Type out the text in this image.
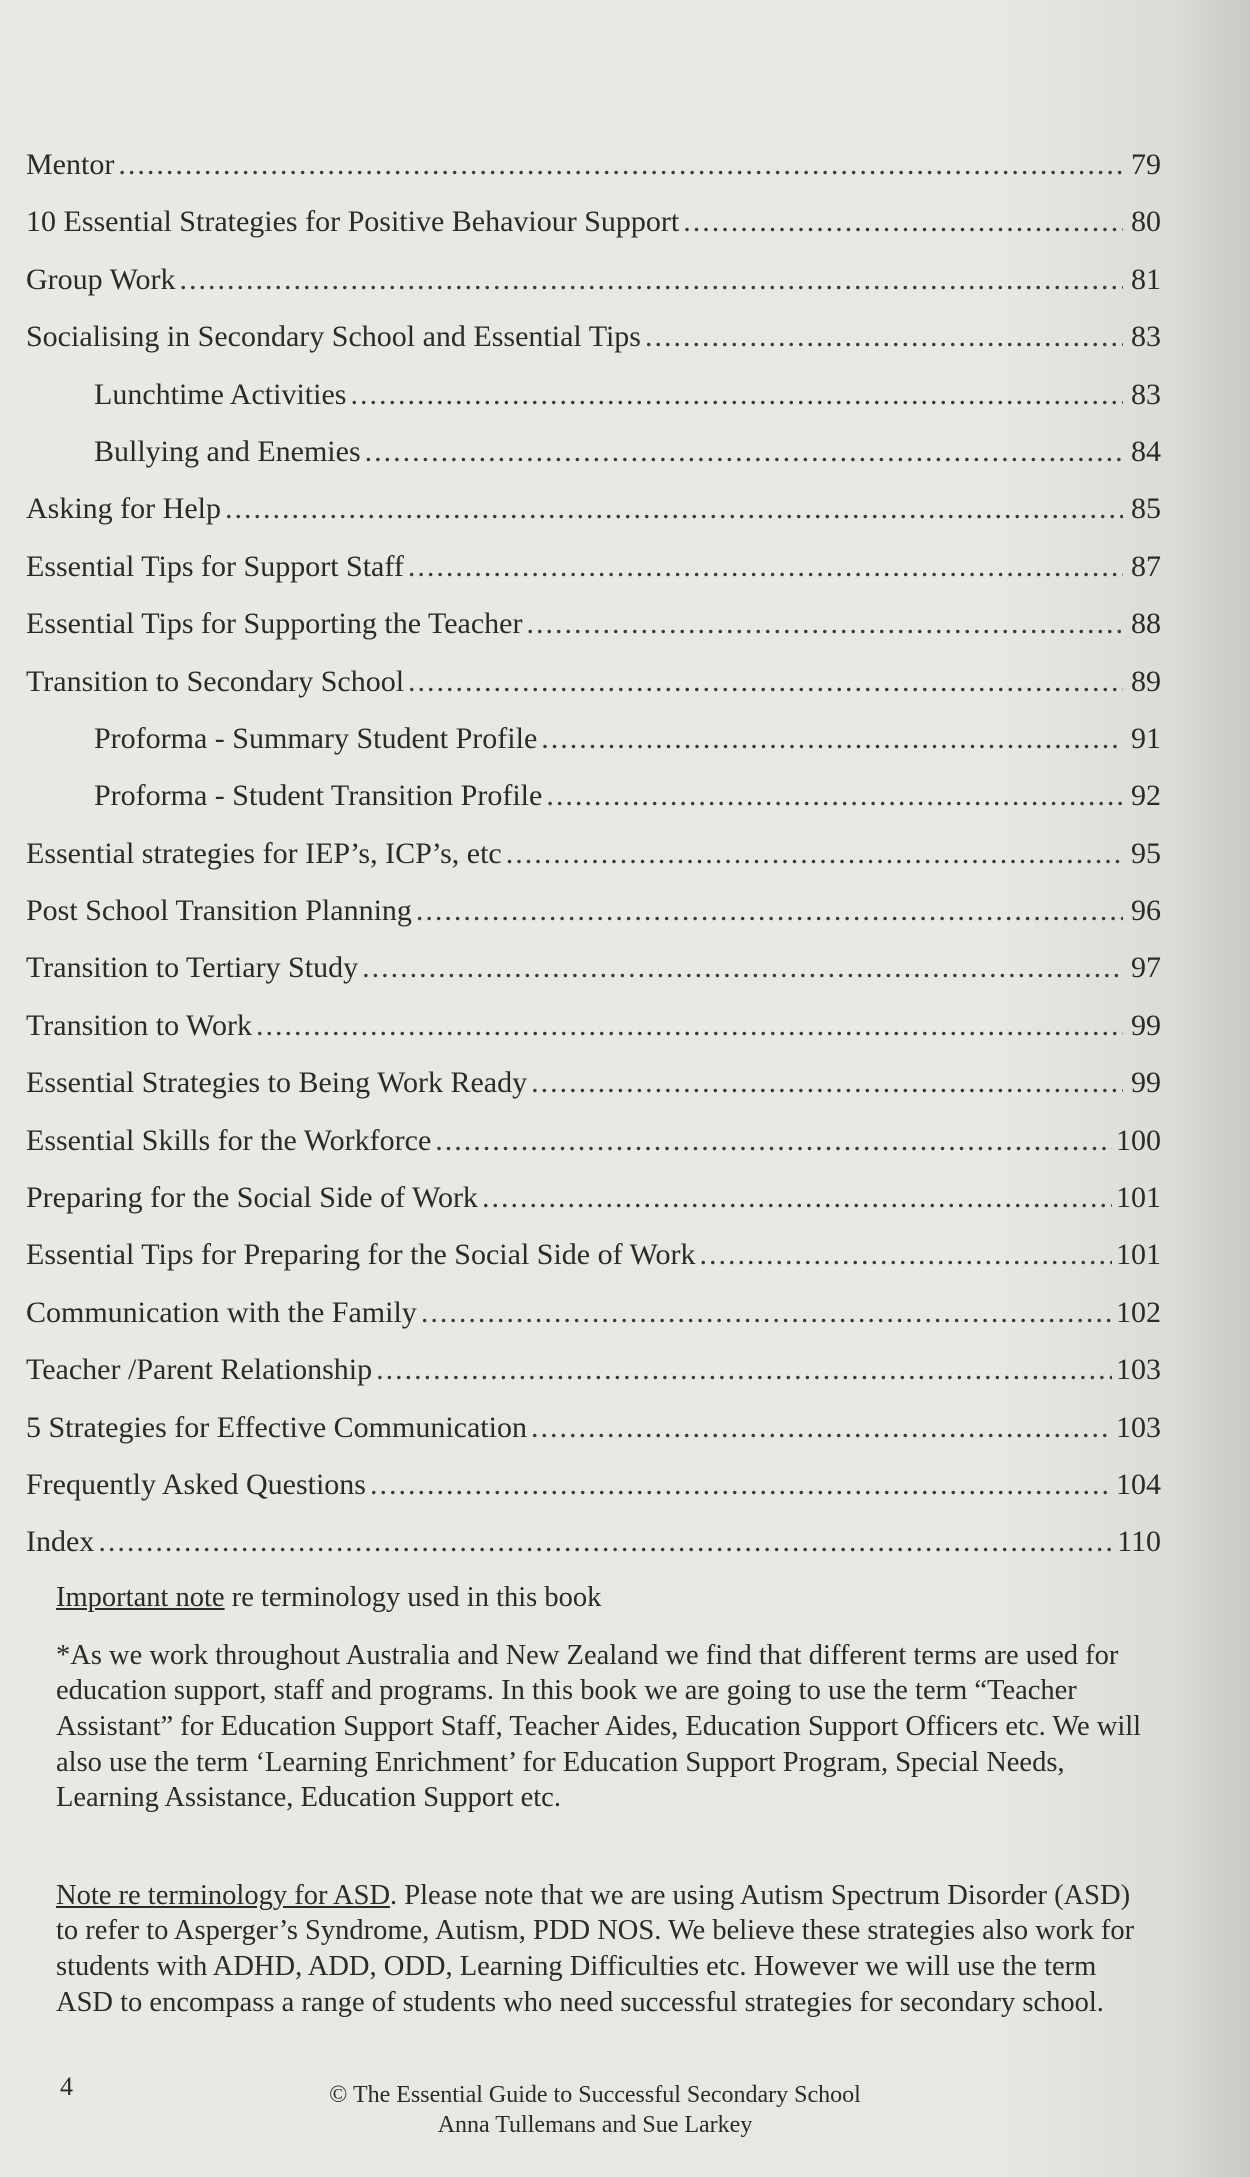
Mentor .....	79
10 Essential Strategies for Positive Behaviour Support .....	80
Group Work .....	81
Socialising in Secondary School and Essential Tips .....	83
Lunchtime Activities .....	83
Bullying and Enemies .....	84
Asking for Help .....	85
Essential Tips for Support Staff .....	87
Essential Tips for Supporting the Teacher .....	88
Transition to Secondary School .....	89
Proforma - Summary Student Profile .....	91
Proforma - Student Transition Profile .....	92
Essential strategies for IEP’s, ICP’s, etc .....	95
Post School Transition Planning .....	96
Transition to Tertiary Study .....	97
Transition to Work .....	99
Essential Strategies to Being Work Ready .....	99
Essential Skills for the Workforce .....	100
Preparing for the Social Side of Work .....	101
Essential Tips for Preparing for the Social Side of Work .....	101
Communication with the Family .....	102
Teacher /Parent Relationship .....	103
5 Strategies for Effective Communication .....	103
Frequently Asked Questions .....	104
Index .....	110

Important note re terminology used in this book

*As we work throughout Australia and New Zealand we find that different terms are used for education support, staff and programs. In this book we are going to use the term “Teacher Assistant” for Education Support Staff, Teacher Aides, Education Support Officers etc. We will also use the term ‘Learning Enrichment’ for Education Support Program, Special Needs, Learning Assistance, Education Support etc.

Note re terminology for ASD. Please note that we are using Autism Spectrum Disorder (ASD) to refer to Asperger’s Syndrome, Autism, PDD NOS. We believe these strategies also work for students with ADHD, ADD, ODD, Learning Difficulties etc. However we will use the term ASD to encompass a range of students who need successful strategies for secondary school.

4	© The Essential Guide to Successful Secondary School
Anna Tullemans and Sue Larkey
